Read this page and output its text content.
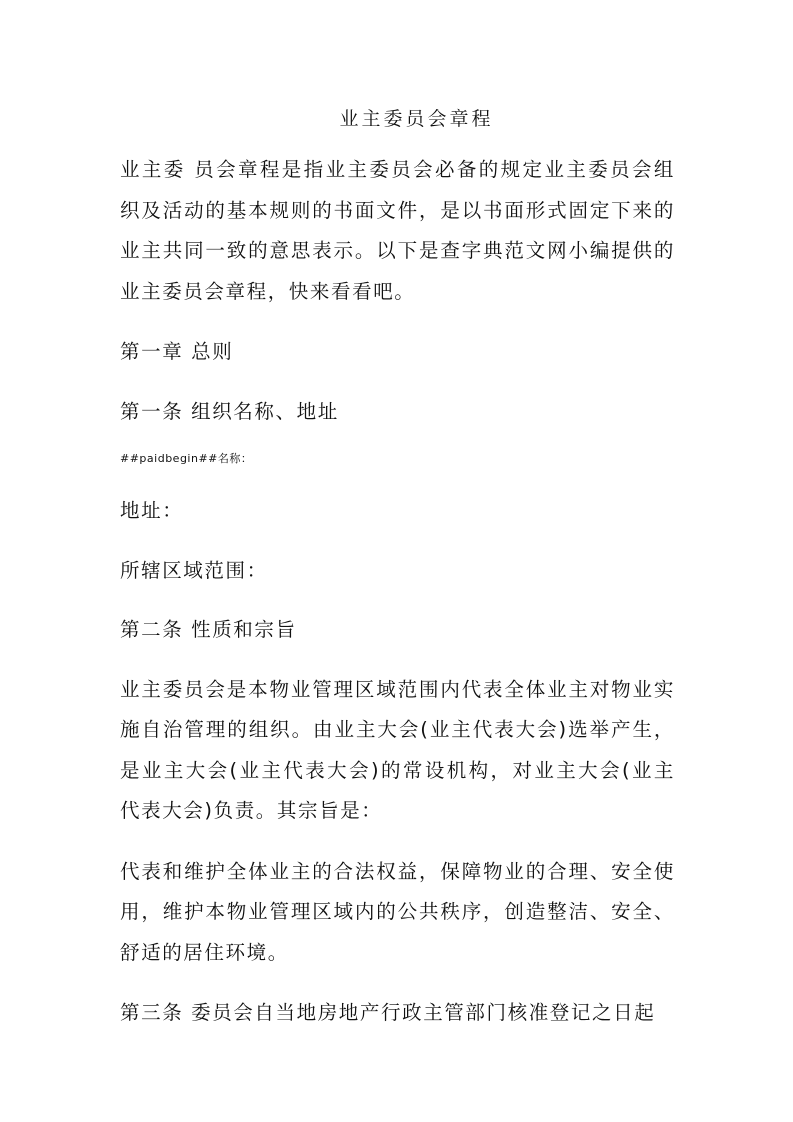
业主委员会章程

业主委 员会章程是指业主委员会必备的规定业主委员会组织及活动的基本规则的书面文件，是以书面形式固定下来的业主共同一致的意思表示。以下是查字典范文网小编提供的业主委员会章程，快来看看吧。

第一章 总则

第一条 组织名称、地址

##paidbegin##名称：

地址：

所辖区域范围：

第二条 性质和宗旨

业主委员会是本物业管理区域范围内代表全体业主对物业实施自治管理的组织。由业主大会(业主代表大会)选举产生，是业主大会(业主代表大会)的常设机构，对业主大会(业主代表大会)负责。其宗旨是：

代表和维护全体业主的合法权益，保障物业的合理、安全使用，维护本物业管理区域内的公共秩序，创造整洁、安全、舒适的居住环境。

第三条 委员会自当地房地产行政主管部门核准登记之日起
